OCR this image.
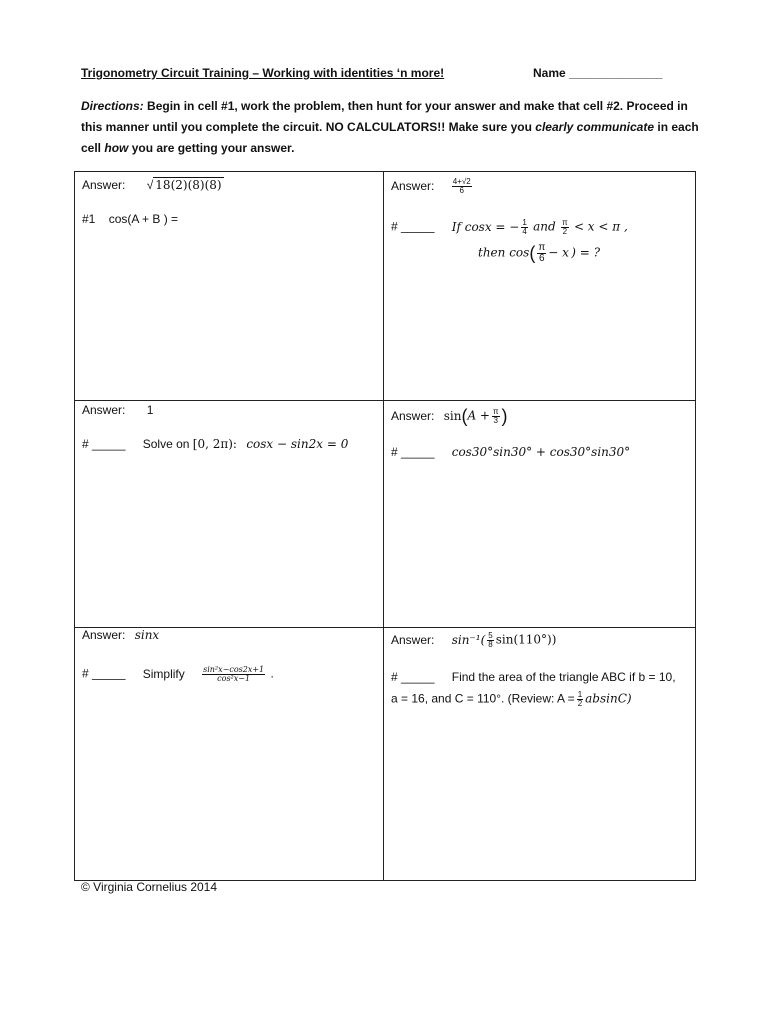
Trigonometry Circuit Training – Working with identities ‘n more!	Name ______________
Directions: Begin in cell #1, work the problem, then hunt for your answer and make that cell #2. Proceed in this manner until you complete the circuit. NO CALCULATORS!! Make sure you clearly communicate in each cell how you are getting your answer.
Answer: √ 18(2)(8)(8)
#1 cos(A + B ) =
Answer: $\frac{4+√2}{6}$
# _____ If cosx = − $\frac{1}{4}$ and $\frac{\pi}{2} < x < \pi$ ,
then $\cos( \frac{\pi}{6} - x$ ) = ?
Answer: 1
# _____ Solve on [0, 2π): cosx − sin2x = 0
Answer: $\sin(A + \frac{\pi}{3}$ )
# _____ cos30°sin30° + cos30°sin30°
Answer: sinx
# _____ Simplify $\frac{\text{sin²x−cos2x+1}}{\text{cos²x−1}}$ .
Answer: $\sin^{-1}( \frac{5}{8} \sin(110^\circ))$
# _____ Find the area of the triangle ABC if b = 10,
a = 16, and C = 110°. (Review: $A = \frac{1}{2} absinC$)
© Virginia Cornelius 2014
